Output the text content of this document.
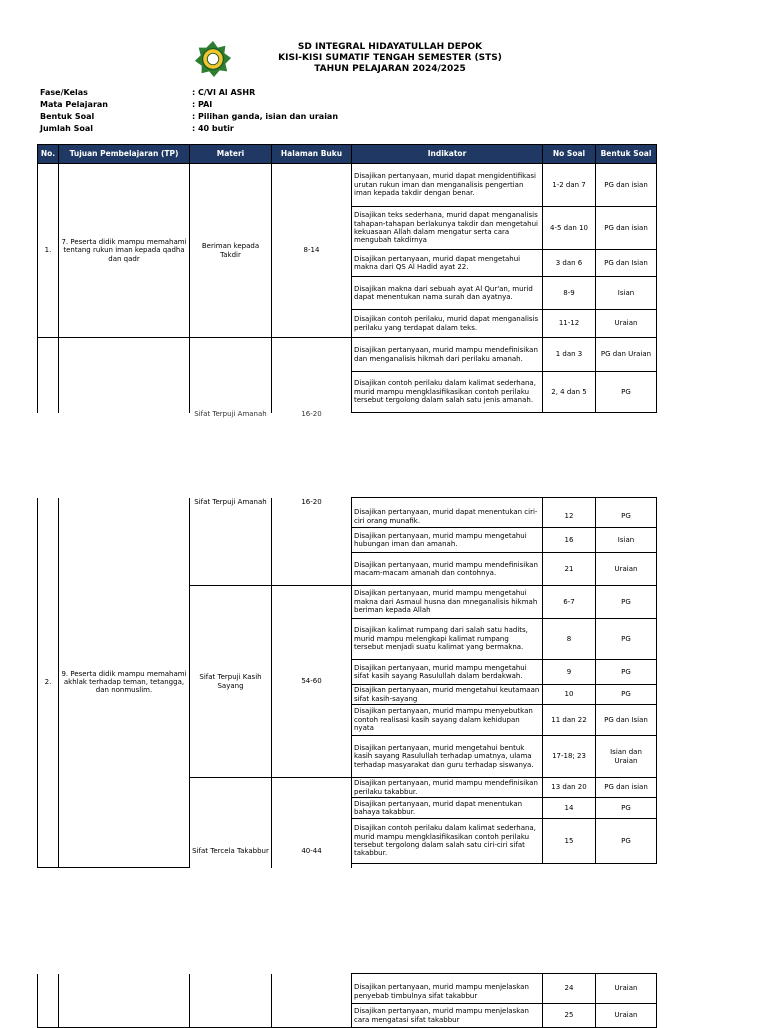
SD INTEGRAL HIDAYATULLAH DEPOK
KISI-KISI SUMATIF TENGAH SEMESTER (STS)
TAHUN PELAJARAN 2024/2025
Fase/Kelas	: C/VI Al ASHR
Mata Pelajaran	: PAI
Bentuk Soal	: Pilihan ganda, isian dan uraian
Jumlah Soal	: 40 butir
No.	Tujuan Pembelajaran (TP)	Materi	Halaman Buku	Indikator	No Soal	Bentuk Soal
1.	7. Peserta didik mampu memahami tentang rukun iman kepada qadha dan qadr	Beriman kepada Takdir	8-14	Disajikan pertanyaan, murid dapat mengidentifikasi urutan rukun iman dan menganalisis pengertian iman kepada takdir dengan benar.	1-2 dan 7	PG dan isian
				Disajikan teks sederhana, murid dapat menganalisis tahapan-tahapan berlakunya takdir dan mengetahui kekuasaan Allah dalam mengatur serta cara mengubah takdirnya	4-5 dan 10	PG dan isian
				Disajikan pertanyaan, murid dapat mengetahui makna dari QS Al Hadid ayat 22.	3 dan 6	PG dan Isian
				Disajikan makna dari sebuah ayat Al Qur'an, murid dapat menentukan nama surah dan ayatnya.	8-9	Isian
				Disajikan contoh perilaku, murid dapat menganalisis perilaku yang terdapat dalam teks.	11-12	Uraian
		Sifat Terpuji Amanah	16-20	Disajikan pertanyaan, murid mampu mendefinisikan dan menganalisis hikmah dari perilaku amanah.	1 dan 3	PG dan Uraian
				Disajikan contoh perilaku dalam kalimat sederhana, murid mampu mengklasifikasikan contoh perilaku tersebut tergolong dalam salah satu jenis amanah.	2, 4 dan 5	PG
2.	9. Peserta didik mampu memahami akhlak terhadap teman, tetangga, dan nonmuslim.	Sifat Terpuji Amanah	16-20	Disajikan pertanyaan, murid dapat menentukan ciri-ciri orang munafik.	12	PG
				Disajikan pertanyaan, murid mampu mengetahui hubungan iman dan amanah.	16	Isian
				Disajikan pertanyaan, murid mampu mendefinisikan macam-macam amanah dan contohnya.	21	Uraian
		Sifat Terpuji Kasih Sayang	54-60	Disajikan pertanyaan, murid mampu mengetahui makna dari Asmaul husna dan mneganalisis hikmah beriman kepada Allah	6-7	PG
				Disajikan kalimat rumpang dari salah satu hadits, murid mampu melengkapi kalimat rumpang tersebut menjadi suatu kalimat yang bermakna.	8	PG
				Disajikan pertanyaan, murid mampu mengetahui sifat kasih sayang Rasulullah dalam berdakwah.	9	PG
				Disajikan pertanyaan, murid mengetahui keutamaan sifat kasih-sayang	10	PG
				Disajikan pertanyaan, murid mampu menyebutkan contoh realisasi kasih sayang dalam kehidupan nyata	11 dan 22	PG dan Isian
				Disajikan pertanyaan, murid mengetahui bentuk kasih sayang Rasulullah terhadap umatnya, ulama terhadap masyarakat dan guru terhadap siswanya.	17-18; 23	Isian dan Uraian
		Sifat Tercela Takabbur	40-44	Disajikan pertanyaan, murid mampu mendefinisikan perilaku takabbur.	13 dan 20	PG dan isian
				Disajikan pertanyaan, murid dapat menentukan bahaya takabbur.	14	PG
				Disajikan contoh perilaku dalam kalimat sederhana, murid mampu mengklasifikasikan contoh perilaku tersebut tergolong dalam salah satu ciri-ciri sifat takabbur.	15	PG

				Disajikan pertanyaan, murid mampu menjelaskan penyebab timbulnya sifat takabbur	24	Uraian
				Disajikan pertanyaan, murid mampu menjelaskan cara mengatasi sifat takabbur	25	Uraian
